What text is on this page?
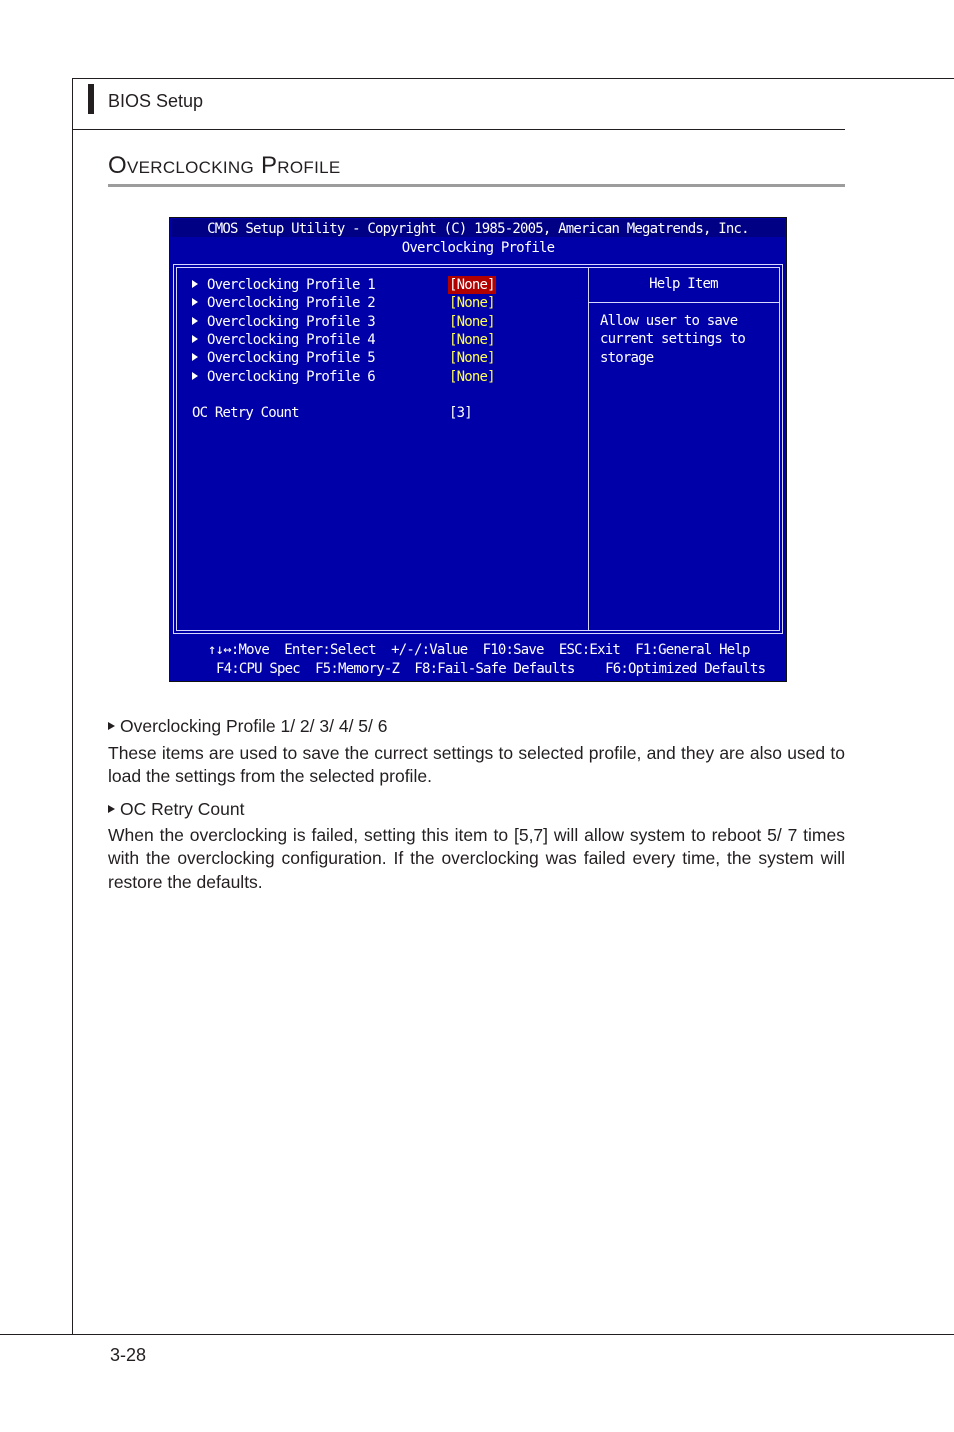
BIOS Setup
Overclocking Profile
CMOS Setup Utility - Copyright (C) 1985-2005, American Megatrends, Inc.
Overclocking Profile
Overclocking Profile 1	[None]
Overclocking Profile 2	[None]
Overclocking Profile 3	[None]
Overclocking Profile 4	[None]
Overclocking Profile 5	[None]
Overclocking Profile 6	[None]
OC Retry Count	[3]
Help Item
Allow user to save
current settings to
storage
↑↓↔:Move  Enter:Select  +/-/:Value  F10:Save  ESC:Exit  F1:General Help
F4:CPU Spec  F5:Memory-Z  F8:Fail-Safe Defaults    F6:Optimized Defaults
Overclocking Profile 1/ 2/ 3/ 4/ 5/ 6
These items are used to save the currect settings to selected profile, and they are also used to load the settings from the selected profile.
OC Retry Count
When the overclocking is failed, setting this item to [5,7] will allow system to reboot 5/ 7 times with the overclocking configuration. If the overclocking was failed every time, the system will restore the defaults.
3-28
